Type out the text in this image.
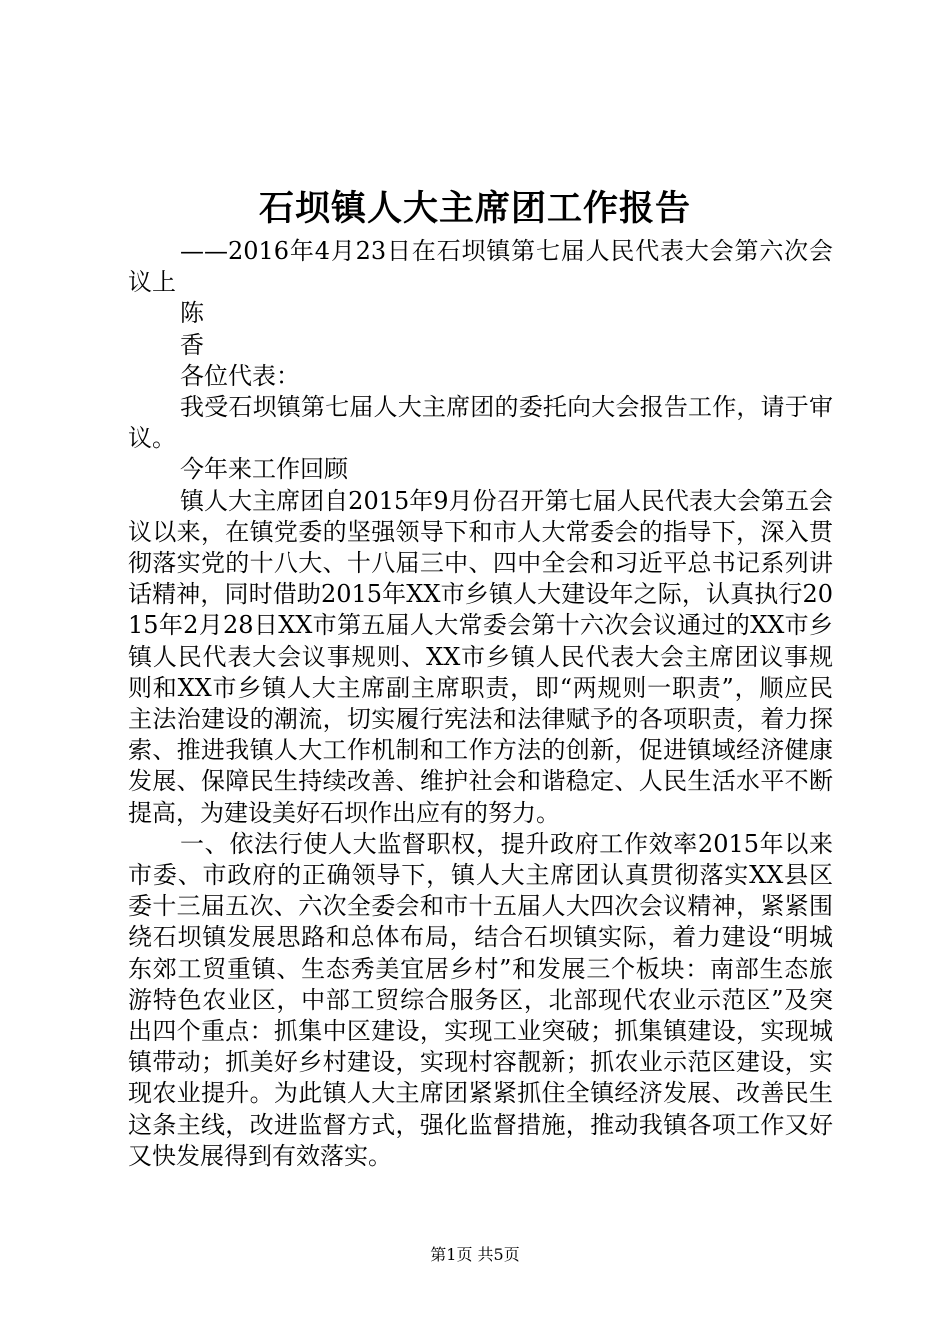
石坝镇人大主席团工作报告

——2016年4月23日在石坝镇第七届人民代表大会第六次会议上

陈

香

各位代表：

我受石坝镇第七届人大主席团的委托向大会报告工作，请于审议。

今年来工作回顾

镇人大主席团自2015年9月份召开第七届人民代表大会第五会议以来，在镇党委的坚强领导下和市人大常委会的指导下，深入贯彻落实党的十八大、十八届三中、四中全会和习近平总书记系列讲话精神，同时借助2015年XX市乡镇人大建设年之际，认真执行2015年2月28日XX市第五届人大常委会第十六次会议通过的XX市乡镇人民代表大会议事规则、XX市乡镇人民代表大会主席团议事规则和XX市乡镇人大主席副主席职责，即“两规则一职责”，顺应民主法治建设的潮流，切实履行宪法和法律赋予的各项职责，着力探索、推进我镇人大工作机制和工作方法的创新，促进镇域经济健康发展、保障民生持续改善、维护社会和谐稳定、人民生活水平不断提高，为建设美好石坝作出应有的努力。

一、依法行使人大监督职权，提升政府工作效率2015年以来市委、市政府的正确领导下，镇人大主席团认真贯彻落实XX县区委十三届五次、六次全委会和市十五届人大四次会议精神，紧紧围绕石坝镇发展思路和总体布局，结合石坝镇实际，着力建设“明城东郊工贸重镇、生态秀美宜居乡村”和发展三个板块：南部生态旅游特色农业区，中部工贸综合服务区，北部现代农业示范区”及突出四个重点：抓集中区建设，实现工业突破；抓集镇建设，实现城镇带动；抓美好乡村建设，实现村容靓新；抓农业示范区建设，实现农业提升。为此镇人大主席团紧紧抓住全镇经济发展、改善民生这条主线，改进监督方式，强化监督措施，推动我镇各项工作又好又快发展得到有效落实。

第1页 共5页
